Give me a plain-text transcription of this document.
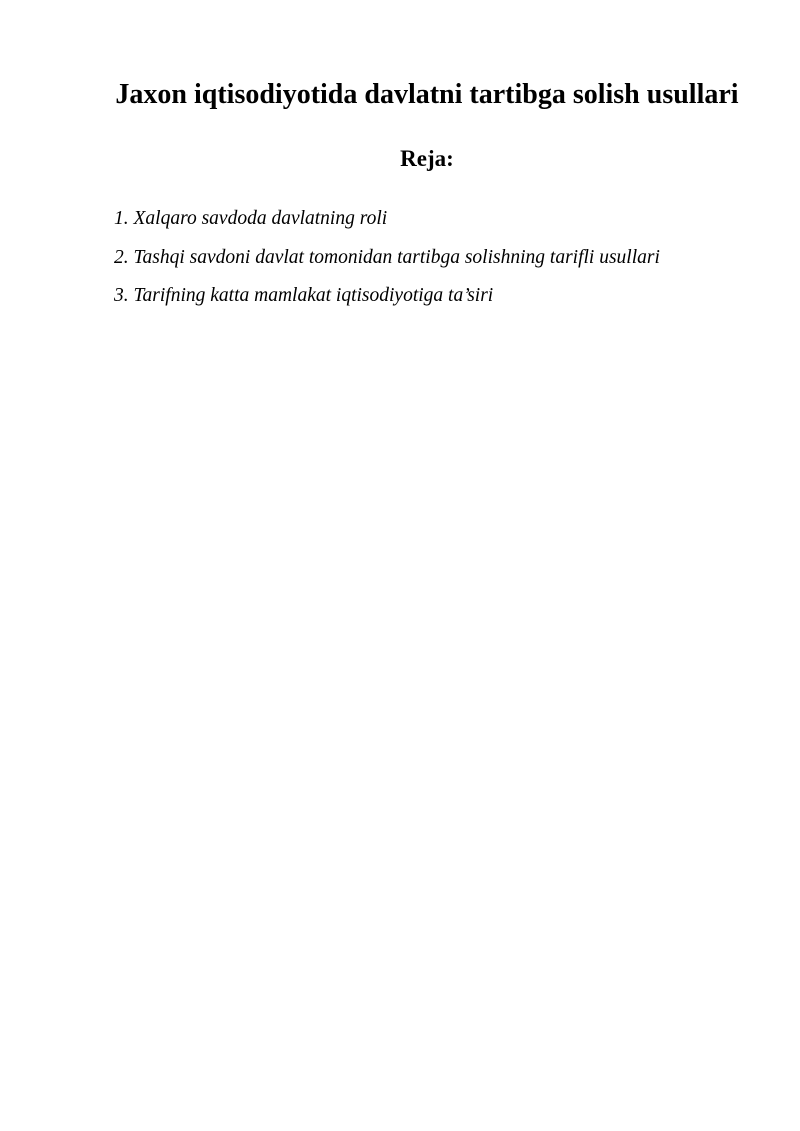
Jaxon iqtisodiyotida davlatni tartibga solish usullari
Reja:
1. Xalqaro savdoda davlatning roli
2. Tashqi savdoni davlat tomonidan tartibga solishning tarifli usullari
3. Tarifning katta mamlakat iqtisodiyotiga ta’siri
